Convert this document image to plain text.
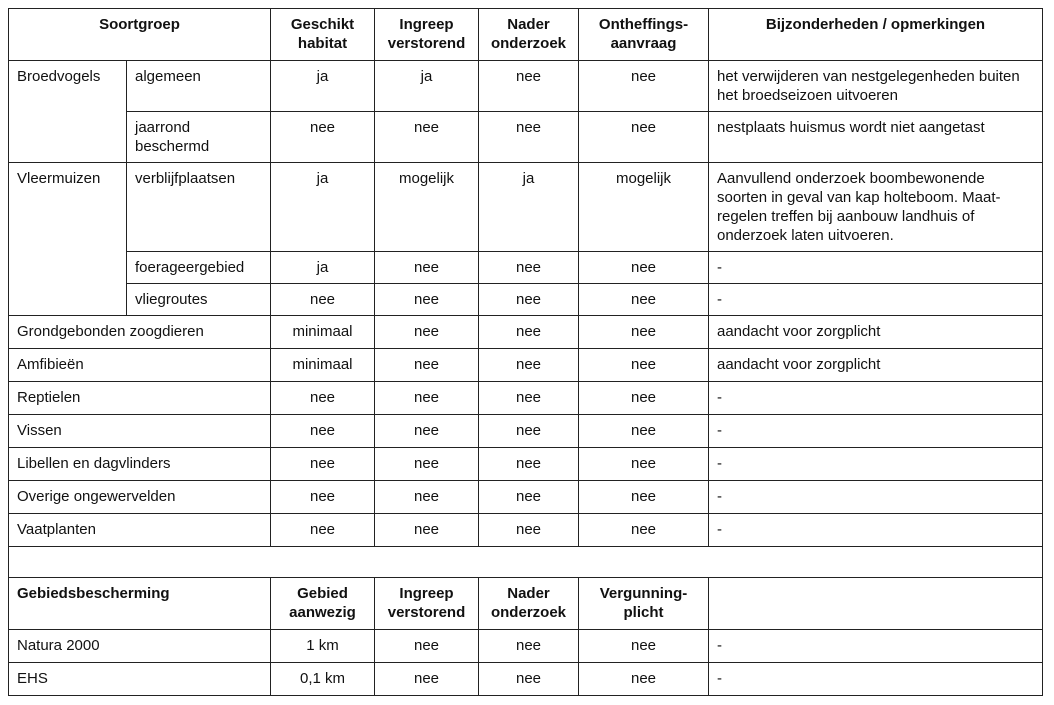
Soortgroep		Geschikt habitat	Ingreep verstorend	Nader onderzoek	Ontheffings-aanvraag	Bijzonderheden / opmerkingen
Broedvogels	algemeen	ja	ja	nee	nee	het verwijderen van nestgelegenheden buiten het broedseizoen uitvoeren
	jaarrond beschermd	nee	nee	nee	nee	nestplaats huismus wordt niet aangetast
Vleermuizen	verblijfplaatsen	ja	mogelijk	ja	mogelijk	Aanvullend onderzoek boombewonende soorten in geval van kap holteboom. Maat-regelen treffen bij aanbouw landhuis of onderzoek laten uitvoeren.
	foerageergebied	ja	nee	nee	nee	-
	vliegroutes	nee	nee	nee	nee	-
Grondgebonden zoogdieren		minimaal	nee	nee	nee	aandacht voor zorgplicht
Amfibieën		minimaal	nee	nee	nee	aandacht voor zorgplicht
Reptielen		nee	nee	nee	nee	-
Vissen		nee	nee	nee	nee	-
Libellen en dagvlinders		nee	nee	nee	nee	-
Overige ongewervelden		nee	nee	nee	nee	-
Vaatplanten		nee	nee	nee	nee	-

Gebiedsbescherming		Gebied aanwezig	Ingreep verstorend	Nader onderzoek	Vergunning-plicht	
Natura 2000		1 km	nee	nee	nee	-
EHS		0,1 km	nee	nee	nee	-
